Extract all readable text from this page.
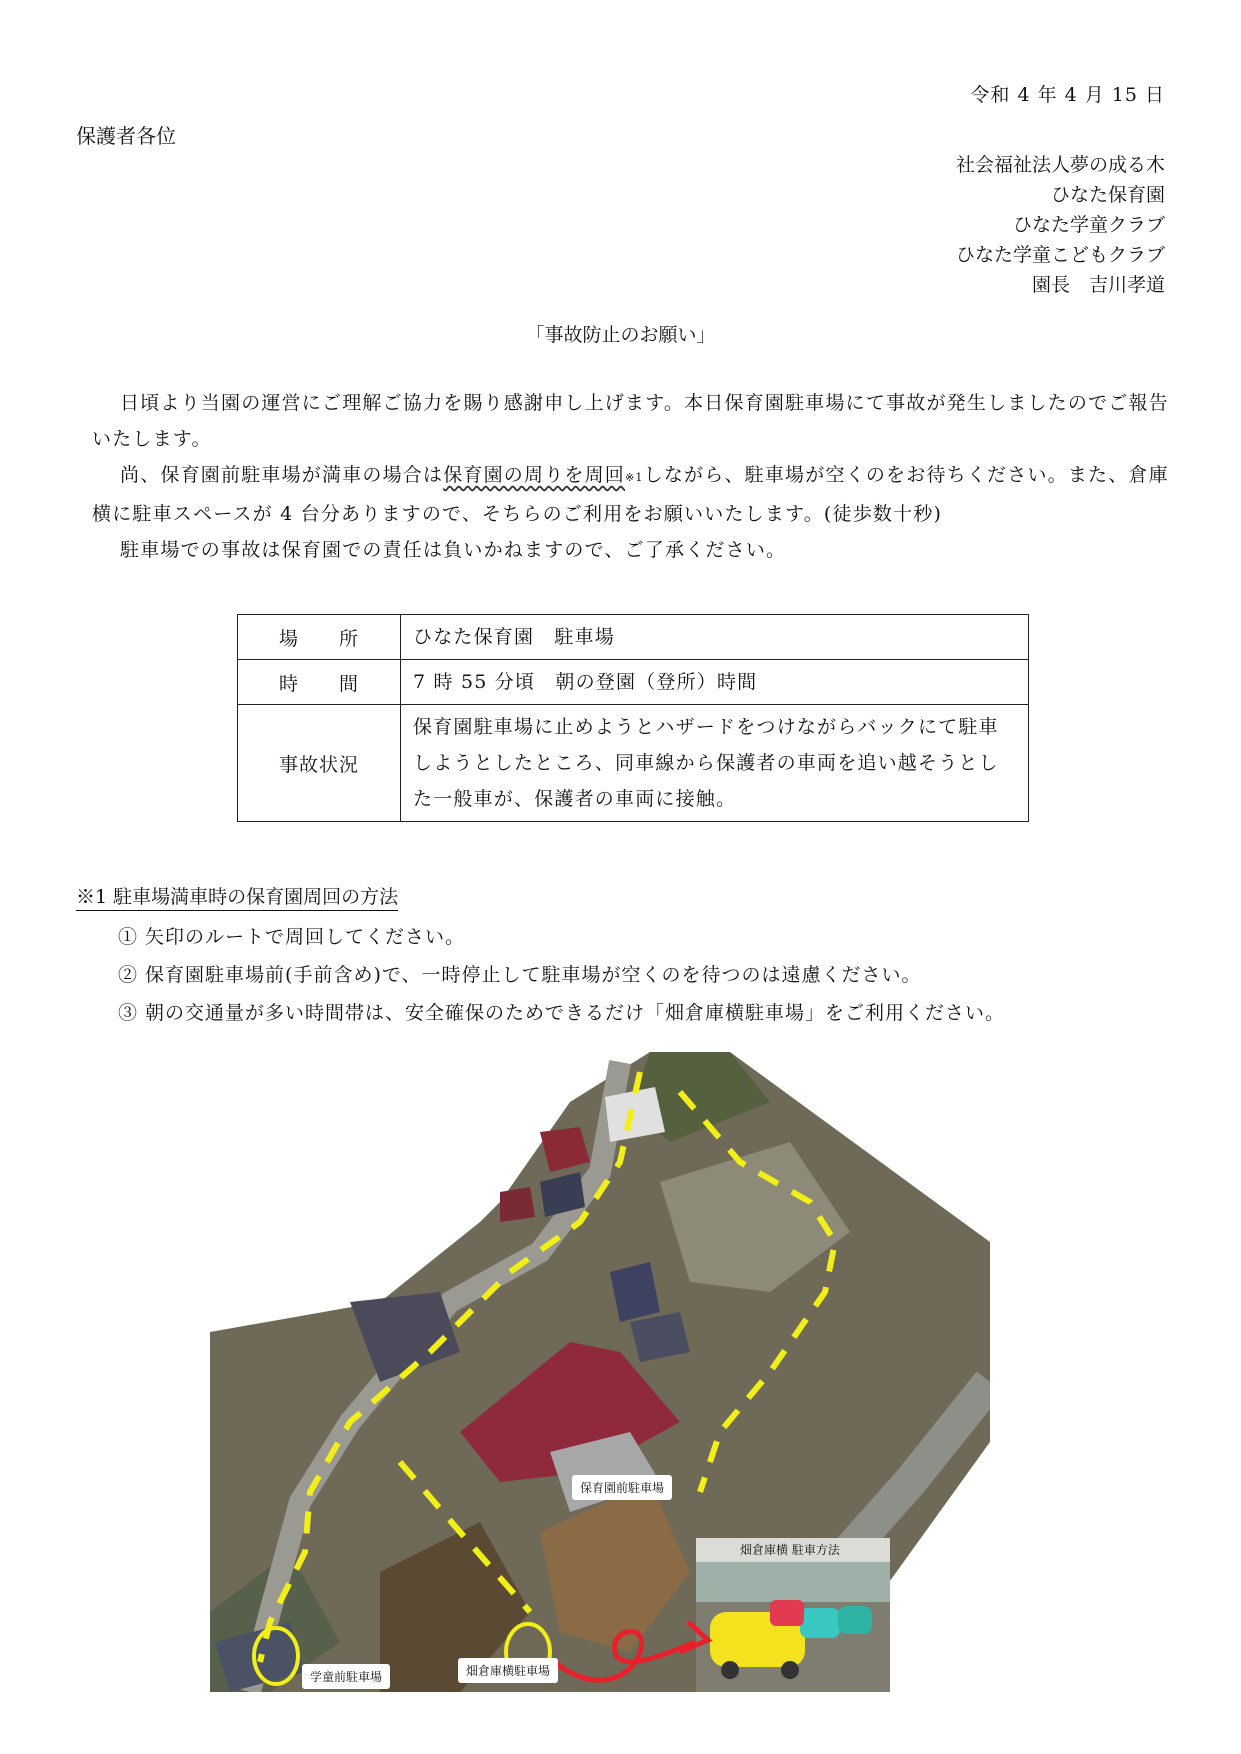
令和 4 年 4 月 15 日
保護者各位
社会福祉法人夢の成る木
ひなた保育園
ひなた学童クラブ
ひなた学童こどもクラブ
園長　吉川孝道
「事故防止のお願い」

日頃より当園の運営にご理解ご協力を賜り感謝申し上げます。本日保育園駐車場にて事故が発生しましたのでご報告いたします。

尚、保育園前駐車場が満車の場合は保育園の周りを周回※1しながら、駐車場が空くのをお待ちください。また、倉庫横に駐車スペースが 4 台分ありますので、そちらのご利用をお願いいたします。(徒歩数十秒)

駐車場での事故は保育園での責任は負いかねますので、ご了承ください。

場　　所	ひなた保育園　駐車場
時　　間	7 時 55 分頃　朝の登園（登所）時間
事故状況	保育園駐車場に止めようとハザードをつけながらバックにて駐車しようとしたところ、同車線から保護者の車両を追い越そうとした一般車が、保護者の車両に接触。
※1 駐車場満車時の保育園周回の方法
① 矢印のルートで周回してください。
② 保育園駐車場前(手前含め)で、一時停止して駐車場が空くのを待つのは遠慮ください。
③ 朝の交通量が多い時間帯は、安全確保のためできるだけ「畑倉庫横駐車場」をご利用ください。
保育園前駐車場
学童前駐車場	畑倉庫横駐車場
畑倉庫横 駐車方法
